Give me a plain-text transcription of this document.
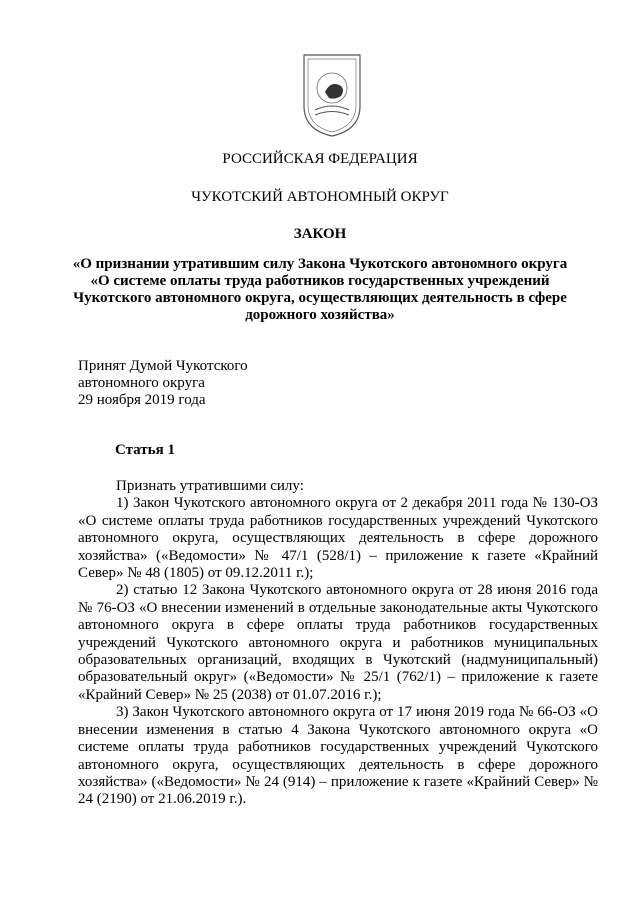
РОССИЙСКАЯ ФЕДЕРАЦИЯ
ЧУКОТСКИЙ АВТОНОМНЫЙ ОКРУГ
ЗАКОН
«О признании утратившим силу Закона Чукотского автономного округа
«О системе оплаты труда работников государственных учреждений
Чукотского автономного округа, осуществляющих деятельность в сфере
дорожного хозяйства»
Принят Думой Чукотского
автономного округа
29 ноября 2019 года
Статья 1

Признать утратившими силу:

1) Закон Чукотского автономного округа от 2 декабря 2011 года № 130-ОЗ «О системе оплаты труда работников государственных учреждений Чукотского автономного округа, осуществляющих деятельность в сфере дорожного хозяйства» («Ведомости» № 47/1 (528/1) – приложение к газете «Крайний Север» № 48 (1805) от 09.12.2011 г.);

2) статью 12 Закона Чукотского автономного округа от 28 июня 2016 года № 76-ОЗ «О внесении изменений в отдельные законодательные акты Чукотского автономного округа в сфере оплаты труда работников государственных учреждений Чукотского автономного округа и работников муниципальных образовательных организаций, входящих в Чукотский (надмуниципальный) образовательный округ» («Ведомости» № 25/1 (762/1) – приложение к газете «Крайний Север» № 25 (2038) от 01.07.2016 г.);

3) Закон Чукотского автономного округа от 17 июня 2019 года № 66-ОЗ «О внесении изменения в статью 4 Закона Чукотского автономного округа «О системе оплаты труда работников государственных учреждений Чукотского автономного округа, осуществляющих деятельность в сфере дорожного хозяйства» («Ведомости» № 24 (914) – приложение к газете «Крайний Север» № 24 (2190) от 21.06.2019 г.).
